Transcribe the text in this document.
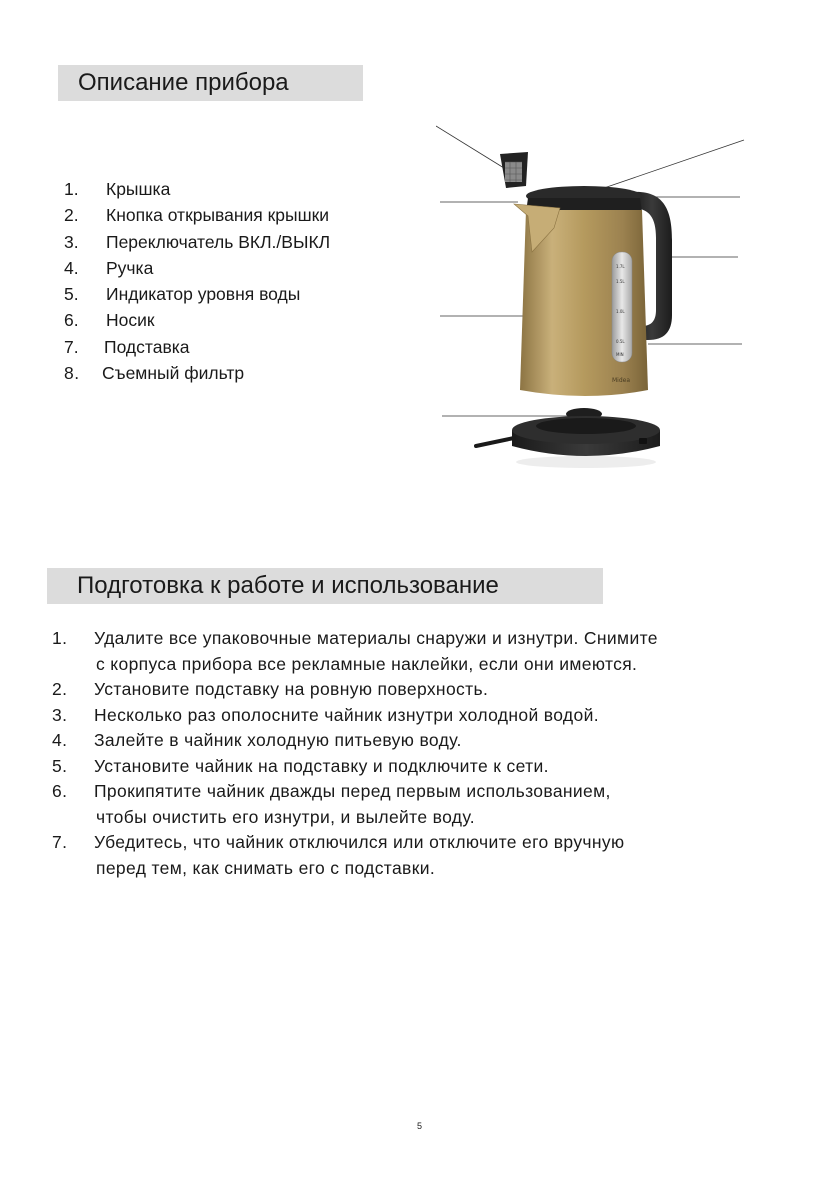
Описание прибора
1. Крышка
2. Кнопка открывания крышки
3. Переключатель ВКЛ./ВЫКЛ
4. Ручка
5. Индикатор уровня воды
6. Носик
7. Подставка
8. Съемный фильтр
1.7L
1.5L
1.0L
0.5L
MIN
Midea
Подготовка к работе и использование
1. Удалите все упаковочные материалы снаружи и изнутри. Снимите
с корпуса прибора все рекламные наклейки, если они имеются.
2. Установите подставку на ровную поверхность.
3. Несколько раз ополосните чайник изнутри холодной водой.
4. Залейте в чайник холодную питьевую воду.
5. Установите чайник на подставку и подключите к сети.
6. Прокипятите чайник дважды перед первым использованием,
чтобы очистить его изнутри, и вылейте воду.
7. Убедитесь, что чайник отключился или отключите его вручную
перед тем, как снимать его с подставки.
5
